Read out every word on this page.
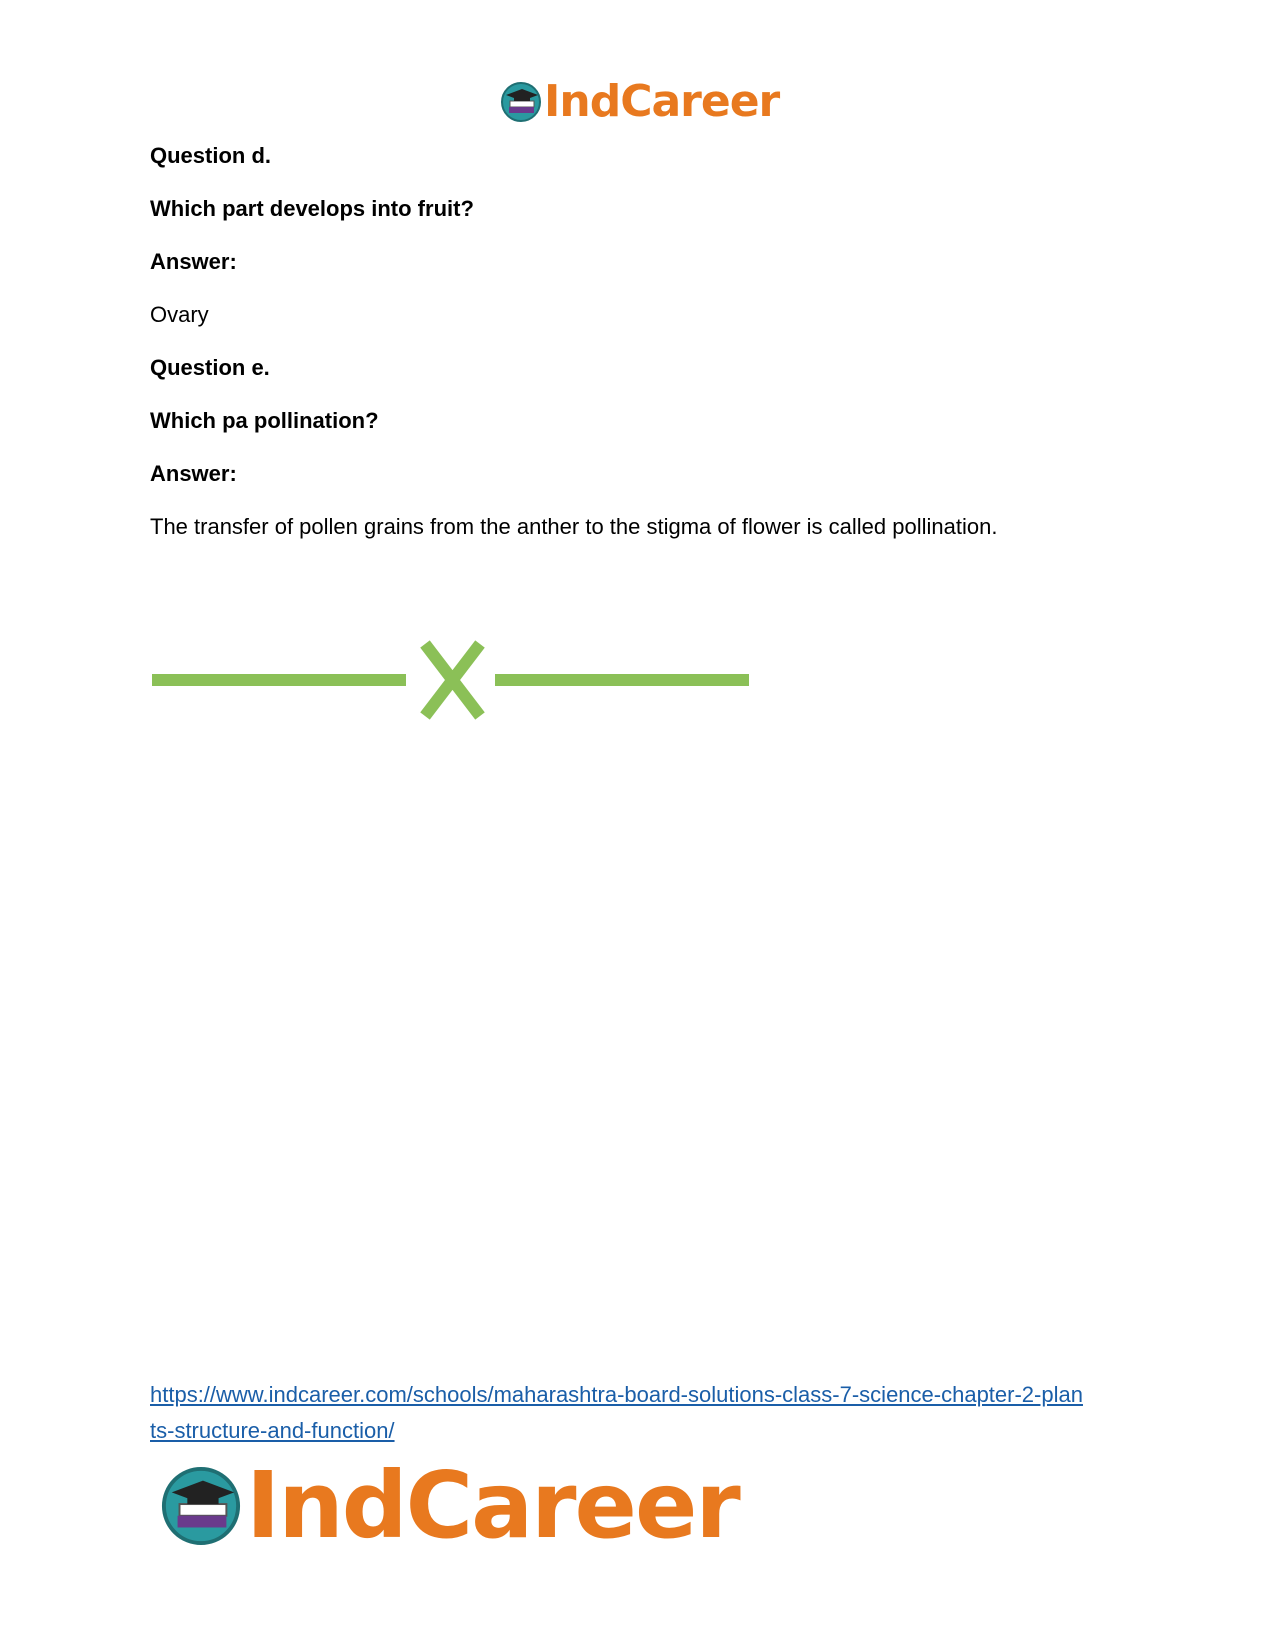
IndCareer
Question d.
Which part develops into fruit?
Answer:
Ovary
Question e.
Which pa pollination?
Answer:
The transfer of pollen grains from the anther to the stigma of flower is called pollination.
https://www.indcareer.com/schools/maharashtra-board-solutions-class-7-science-chapter-2-plan
ts-structure-and-function/
IndCareer
